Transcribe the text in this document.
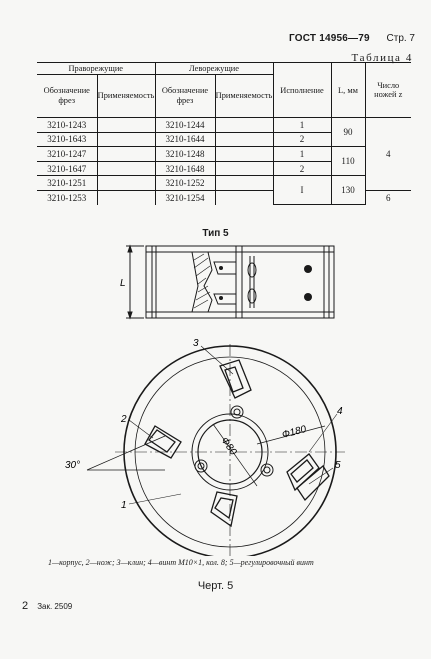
ГОСТ 14956—79 Стр. 7
Таблица 4
Праворежущие		Леворежущие		Исполнение	L, мм	Число ножей z
Обозначение фрез	Применяемость	Обозначение фрез	Применяемость			
3210-1243		3210-1244		1	90	4
3210-1643		3210-1644		2		
3210-1247		3210-1248		1	110	
3210-1647		3210-1648		2		
3210-1251		3210-1252		I	130	
3210-1253		3210-1254				6
Тип 5
L
Ф80
Ф180
30°
3
2
4
5
1
1—корпус, 2—нож; 3—клин; 4—винт М10×1, кол. 8; 5—регулировочный винт
Черт. 5
2 Зак. 2509
